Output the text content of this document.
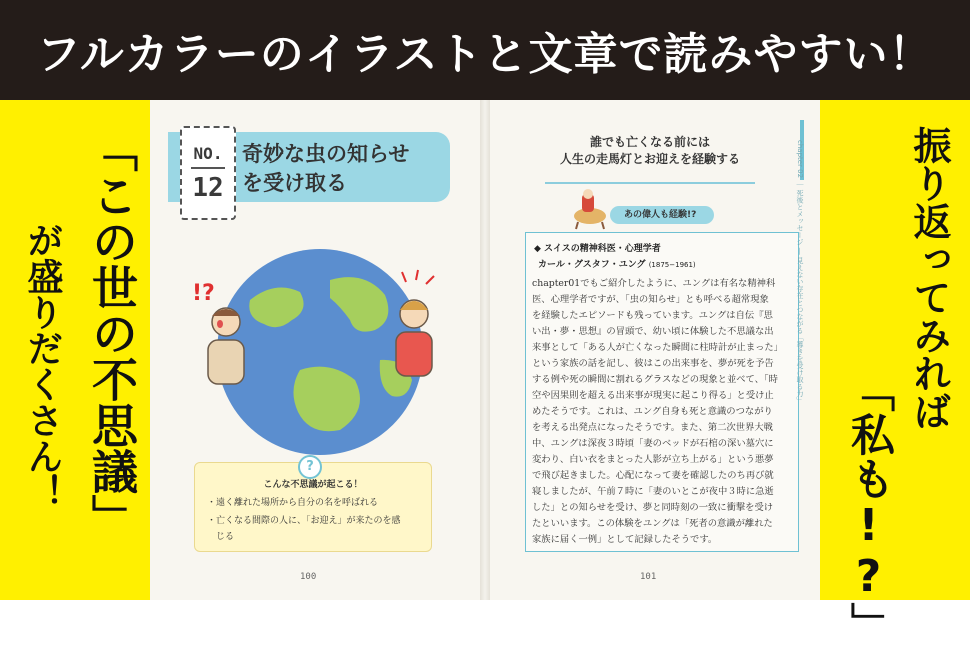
フルカラーのイラストと文章で読みやすい！
「この世の不思議」
が盛りだくさん！	振り返ってみれば
「私も!?」
NO.
12
奇妙な虫の知らせ
を受け取る
!?
こんな不思議が起こる！
・遠く離れた場所から自分の名を呼ばれる
・亡くなる間際の人に、「お迎え」が来たのを感
　じる
?
100
誰でも亡くなる前には
人生の走馬灯とお迎えを経験する
あの偉人も経験!?
◆ スイスの精神科医・心理学者
カール・グスタフ・ユング (1875−1961)
chapter01でもご紹介したように、ユングは有名な精神科
医、心理学者ですが、「虫の知らせ」とも呼べる超常現象
を経験したエピソードも残っています。ユングは自伝『思
い出・夢・思想』の冒頭で、幼い頃に体験した不思議な出
来事として「ある人が亡くなった瞬間に柱時計が止まった」
という家族の話を記し、彼はこの出来事を、夢が死を予告
する例や死の瞬間に割れるグラスなどの現象と並べて、「時
空や因果則を超える出来事が現実に起こり得る」と受け止
めたそうです。これは、ユング自身も死と意識のつながり
を考える出発点になったそうです。また、第二次世界大戦
中、ユングは深夜３時頃「妻のベッドが石棺の深い墓穴に
変わり、白い衣をまとった人影が立ち上がる」という悪夢
で飛び起きました。心配になって妻を確認したのち再び就
寝しましたが、午前７時に「妻のいとこが夜中３時に急逝
した」との知らせを受け、夢と同時刻の一致に衝撃を受け
たといいます。この体験をユングは「死者の意識が離れた
家族に届く一例」として記録したそうです。
101
chapter 02 ｜ 死後とメッセージ ― 見えない存在とつながる「導きを受け取る力」
